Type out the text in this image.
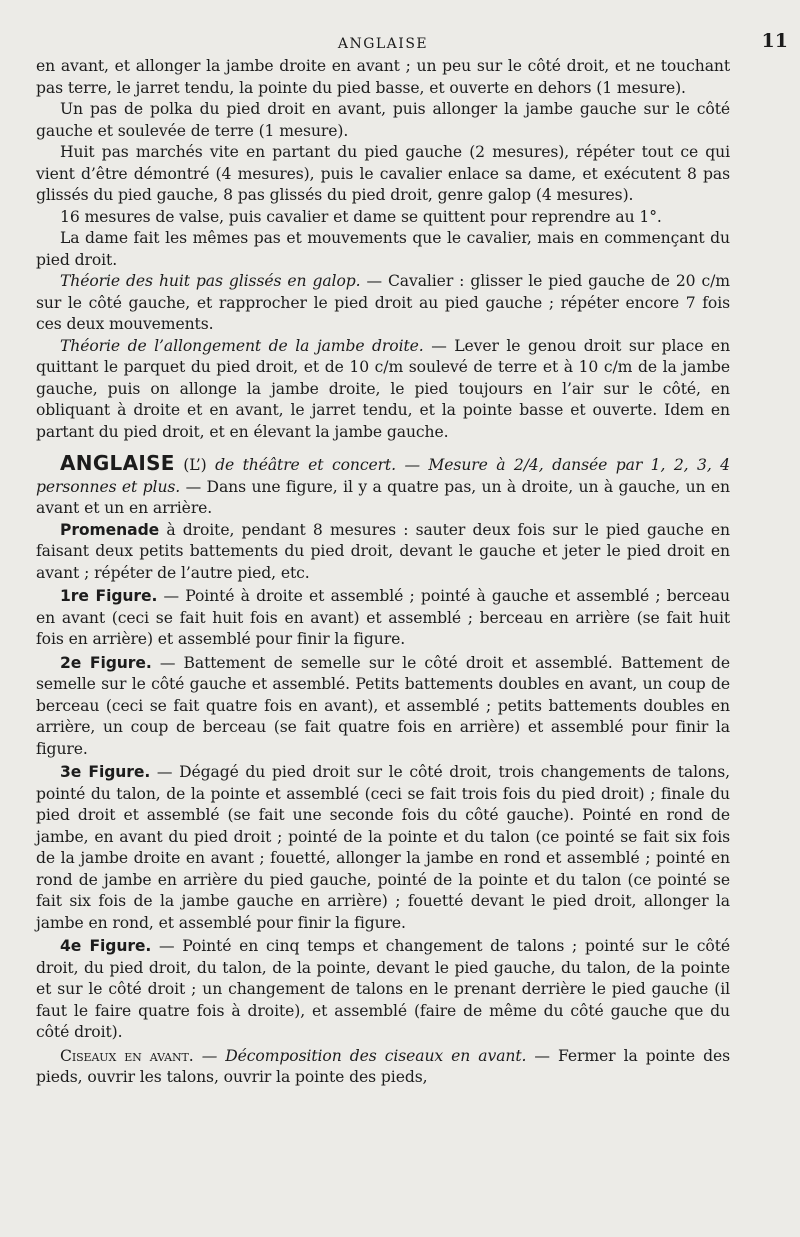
ANGLAISE	11

en avant, et allonger la jambe droite en avant ; un peu sur le côté droit, et ne touchant pas terre, le jarret tendu, la pointe du pied basse, et ouverte en dehors (1 mesure).

Un pas de polka du pied droit en avant, puis allonger la jambe gauche sur le côté gauche et soulevée de terre (1 mesure).

Huit pas marchés vite en partant du pied gauche (2 mesures), répéter tout ce qui vient d’être démontré (4 mesures), puis le cavalier enlace sa dame, et exécutent 8 pas glissés du pied gauche, 8 pas glissés du pied droit, genre galop (4 mesures).

16 mesures de valse, puis cavalier et dame se quittent pour reprendre au 1°.

La dame fait les mêmes pas et mouvements que le cavalier, mais en commençant du pied droit.

Théorie des huit pas glissés en galop. — Cavalier : glisser le pied gauche de 20 c/m sur le côté gauche, et rapprocher le pied droit au pied gauche ; répéter encore 7 fois ces deux mouvements.

Théorie de l’allongement de la jambe droite. — Lever le genou droit sur place en quittant le parquet du pied droit, et de 10 c/m soulevé de terre et à 10 c/m de la jambe gauche, puis on allonge la jambe droite, le pied toujours en l’air sur le côté, en obliquant à droite et en avant, le jarret tendu, et la pointe basse et ouverte. Idem en partant du pied droit, et en élevant la jambe gauche.

ANGLAISE (L’) de théâtre et concert. — Mesure à 2/4, dansée par 1, 2, 3, 4 personnes et plus. — Dans une figure, il y a quatre pas, un à droite, un à gauche, un en avant et un en arrière.

Promenade à droite, pendant 8 mesures : sauter deux fois sur le pied gauche en faisant deux petits battements du pied droit, devant le gauche et jeter le pied droit en avant ; répéter de l’autre pied, etc.

1re Figure. — Pointé à droite et assemblé ; pointé à gauche et assemblé ; berceau en avant (ceci se fait huit fois en avant) et assemblé ; berceau en arrière (se fait huit fois en arrière) et assemblé pour finir la figure.

2e Figure. — Battement de semelle sur le côté droit et assemblé. Battement de semelle sur le côté gauche et assemblé. Petits battements doubles en avant, un coup de berceau (ceci se fait quatre fois en avant), et assemblé ; petits battements doubles en arrière, un coup de berceau (se fait quatre fois en arrière) et assemblé pour finir la figure.

3e Figure. — Dégagé du pied droit sur le côté droit, trois changements de talons, pointé du talon, de la pointe et assemblé (ceci se fait trois fois du pied droit) ; finale du pied droit et assemblé (se fait une seconde fois du côté gauche). Pointé en rond de jambe, en avant du pied droit ; pointé de la pointe et du talon (ce pointé se fait six fois de la jambe droite en avant ; fouetté, allonger la jambe en rond et assemblé ; pointé en rond de jambe en arrière du pied gauche, pointé de la pointe et du talon (ce pointé se fait six fois de la jambe gauche en arrière) ; fouetté devant le pied droit, allonger la jambe en rond, et assemblé pour finir la figure.

4e Figure. — Pointé en cinq temps et changement de talons ; pointé sur le côté droit, du pied droit, du talon, de la pointe, devant le pied gauche, du talon, de la pointe et sur le côté droit ; un changement de talons en le prenant derrière le pied gauche (il faut le faire quatre fois à droite), et assemblé (faire de même du côté gauche que du côté droit).

Ciseaux en avant. — Décomposition des ciseaux en avant. — Fermer la pointe des pieds, ouvrir les talons, ouvrir la pointe des pieds,
